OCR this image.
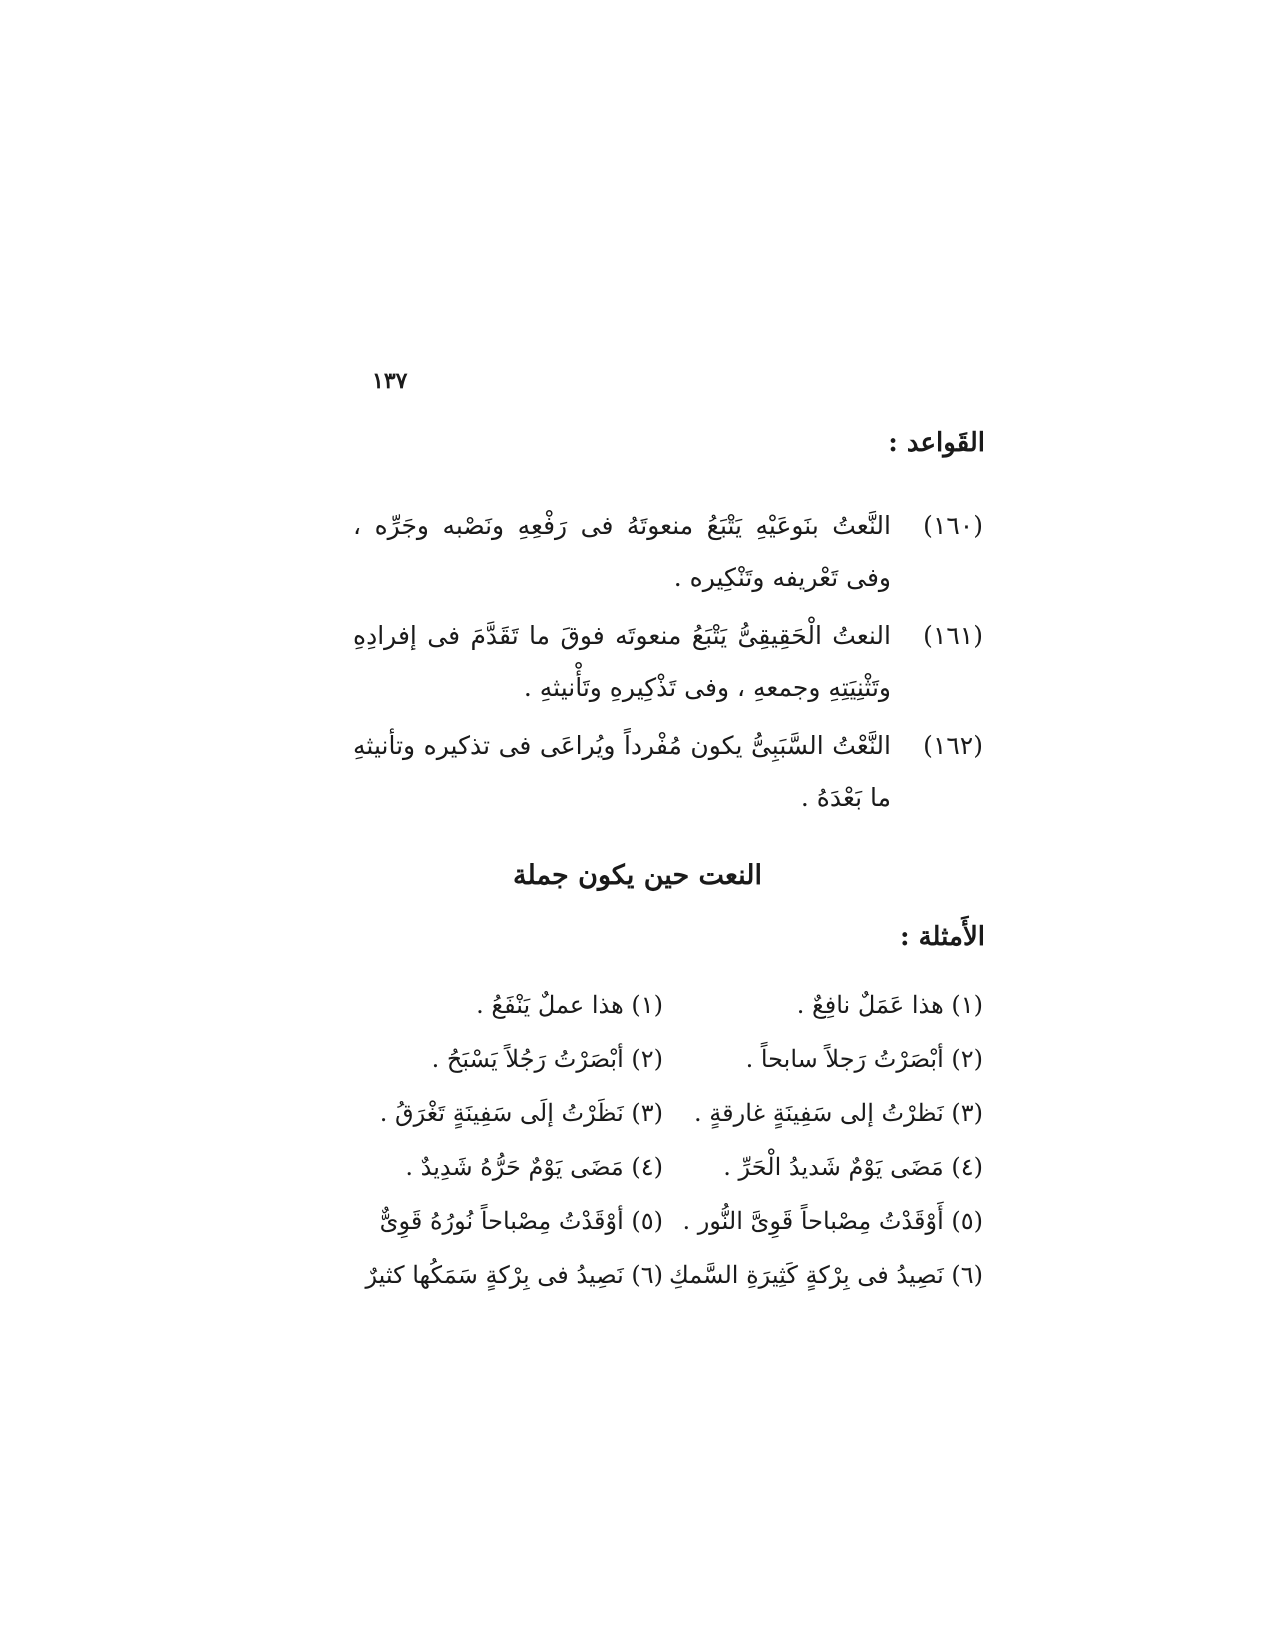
١٣٧
القَواعد :
(١٦٠)
النَّعتُ بنَوعَيْهِ يَتْبَعُ منعوتَهُ فى رَفْعِهِ ونَصْبه وجَرِّه ، وفى تَعْريفه وتَنْكِيره .
(١٦١)
النعتُ الْحَقِيقِىُّ يَتْبَعُ منعوتَه فوقَ ما تَقَدَّمَ فى إفرادِهِ وتَثْنِيَتِهِ وجمعهِ ، وفى تَذْكِيرهِ وتَأْنيثهِ .
(١٦٢)
النَّعْتُ السَّبَبِىُّ يكون مُفْرداً ويُراعَى فى تذكيره وتأنيثهِ ما بَعْدَهُ .
النعت حين يكون جملة
الأَمثلة :
(١) هذا عَمَلٌ نافِعٌ .
(٢) أبْصَرْتُ رَجلاً سابحاً .
(٣) نَظرْتُ إلى سَفِينَةٍ غارقةٍ .
(٤) مَضَى يَوْمٌ شَديدُ الْحَرِّ .
(٥) أَوْقَدْتُ مِصْباحاً قَوِىَّ النُّور .
(٦) نَصِيدُ فى بِرْكةٍ كَثِيرَةِ السَّمكِ
(١) هذا عملٌ يَنْفَعُ .
(٢) أبْصَرْتُ رَجُلاً يَسْبَحُ .
(٣) نَظَرْتُ إلَى سَفِينَةٍ تَغْرَقُ .
(٤) مَضَى يَوْمٌ حَرُّهُ شَدِيدٌ .
(٥) أوْقَدْتُ مِصْباحاً نُورُهُ قَوِىٌّ
(٦) نَصِيدُ فى بِرْكةٍ سَمَكُها كثيرٌ
